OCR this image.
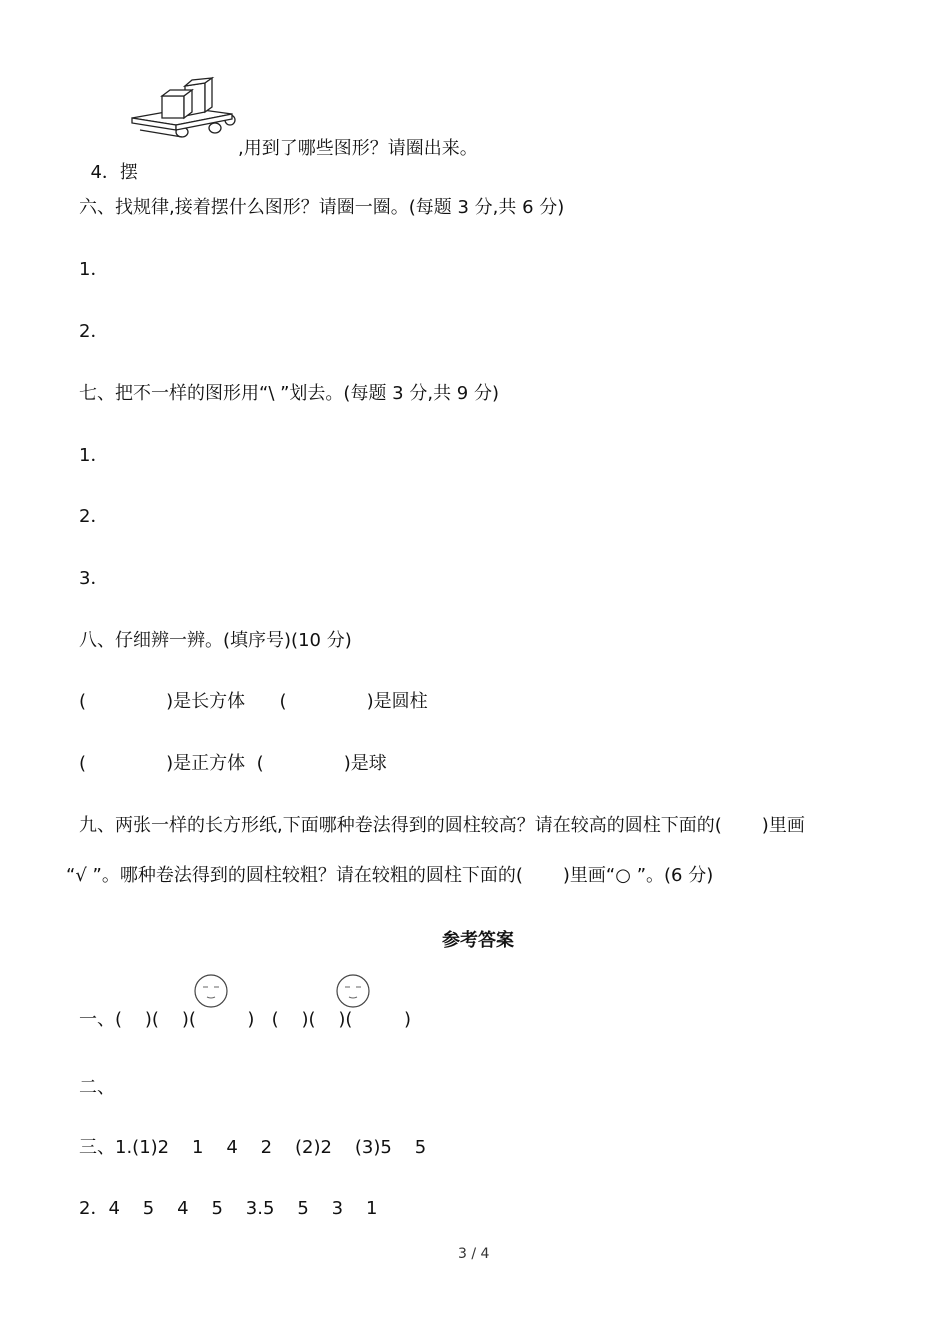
4．摆

,用到了哪些图形？请圈出来。
六、找规律,接着摆什么图形？请圈一圈。(每题 3 分,共 6 分)
1．
2．
七、把不一样的图形用“\ ”划去。(每题 3 分,共 9 分)
1．
2．
3．
八、仔细辨一辨。(填序号)(10 分)
(              )是长方体      (              )是圆柱
(              )是正方体  (              )是球
九、两张一样的长方形纸,下面哪种卷法得到的圆柱较高？请在较高的圆柱下面的(       )里画
“√ ”。哪种卷法得到的圆柱较粗？请在较粗的圆柱下面的(       )里画“○ ”。(6 分)
参考答案
一、(    )(    )(         )   (    )(    )(         )
二、
三、1.(1)2    1    4    2    (2)2    (3)5    5
2．4    5    4    5    3.5    5    3    1
3 / 4
